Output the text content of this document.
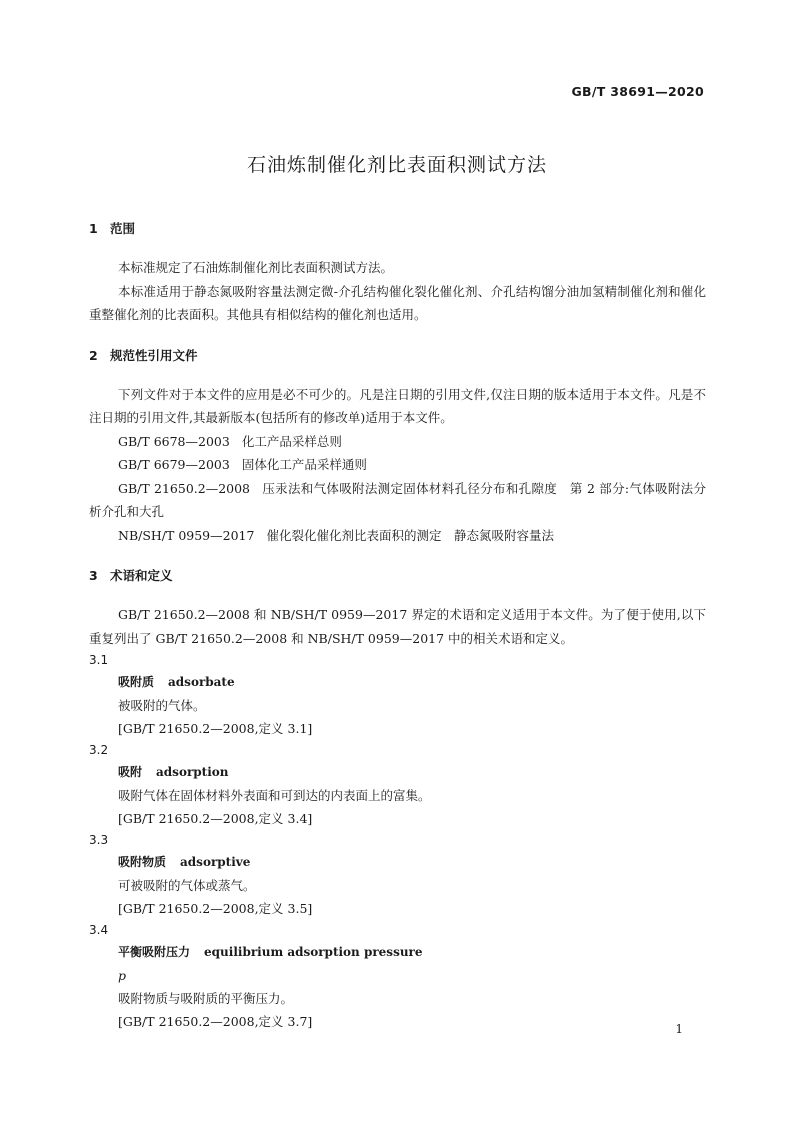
GB/T 38691—2020
石油炼制催化剂比表面积测试方法
1 范围

本标准规定了石油炼制催化剂比表面积测试方法。

本标准适用于静态氮吸附容量法测定微-介孔结构催化裂化催化剂、介孔结构馏分油加氢精制催化剂和催化重整催化剂的比表面积。其他具有相似结构的催化剂也适用。

2 规范性引用文件

下列文件对于本文件的应用是必不可少的。凡是注日期的引用文件,仅注日期的版本适用于本文件。凡是不注日期的引用文件,其最新版本(包括所有的修改单)适用于本文件。

GB/T 6678—2003 化工产品采样总则

GB/T 6679—2003 固体化工产品采样通则

GB/T 21650.2—2008 压汞法和气体吸附法测定固体材料孔径分布和孔隙度　第 2 部分:气体吸附法分析介孔和大孔

NB/SH/T 0959—2017 催化裂化催化剂比表面积的测定　静态氮吸附容量法

3 术语和定义

GB/T 21650.2—2008 和 NB/SH/T 0959—2017 界定的术语和定义适用于本文件。为了便于使用,以下重复列出了 GB/T 21650.2—2008 和 NB/SH/T 0959—2017 中的相关术语和定义。

3.1
吸附质 adsorbate
被吸附的气体。
[GB/T 21650.2—2008,定义 3.1]
3.2
吸附 adsorption
吸附气体在固体材料外表面和可到达的内表面上的富集。
[GB/T 21650.2—2008,定义 3.4]
3.3
吸附物质 adsorptive
可被吸附的气体或蒸气。
[GB/T 21650.2—2008,定义 3.5]
3.4
平衡吸附压力 equilibrium adsorption pressure
p
吸附物质与吸附质的平衡压力。
[GB/T 21650.2—2008,定义 3.7]	1
